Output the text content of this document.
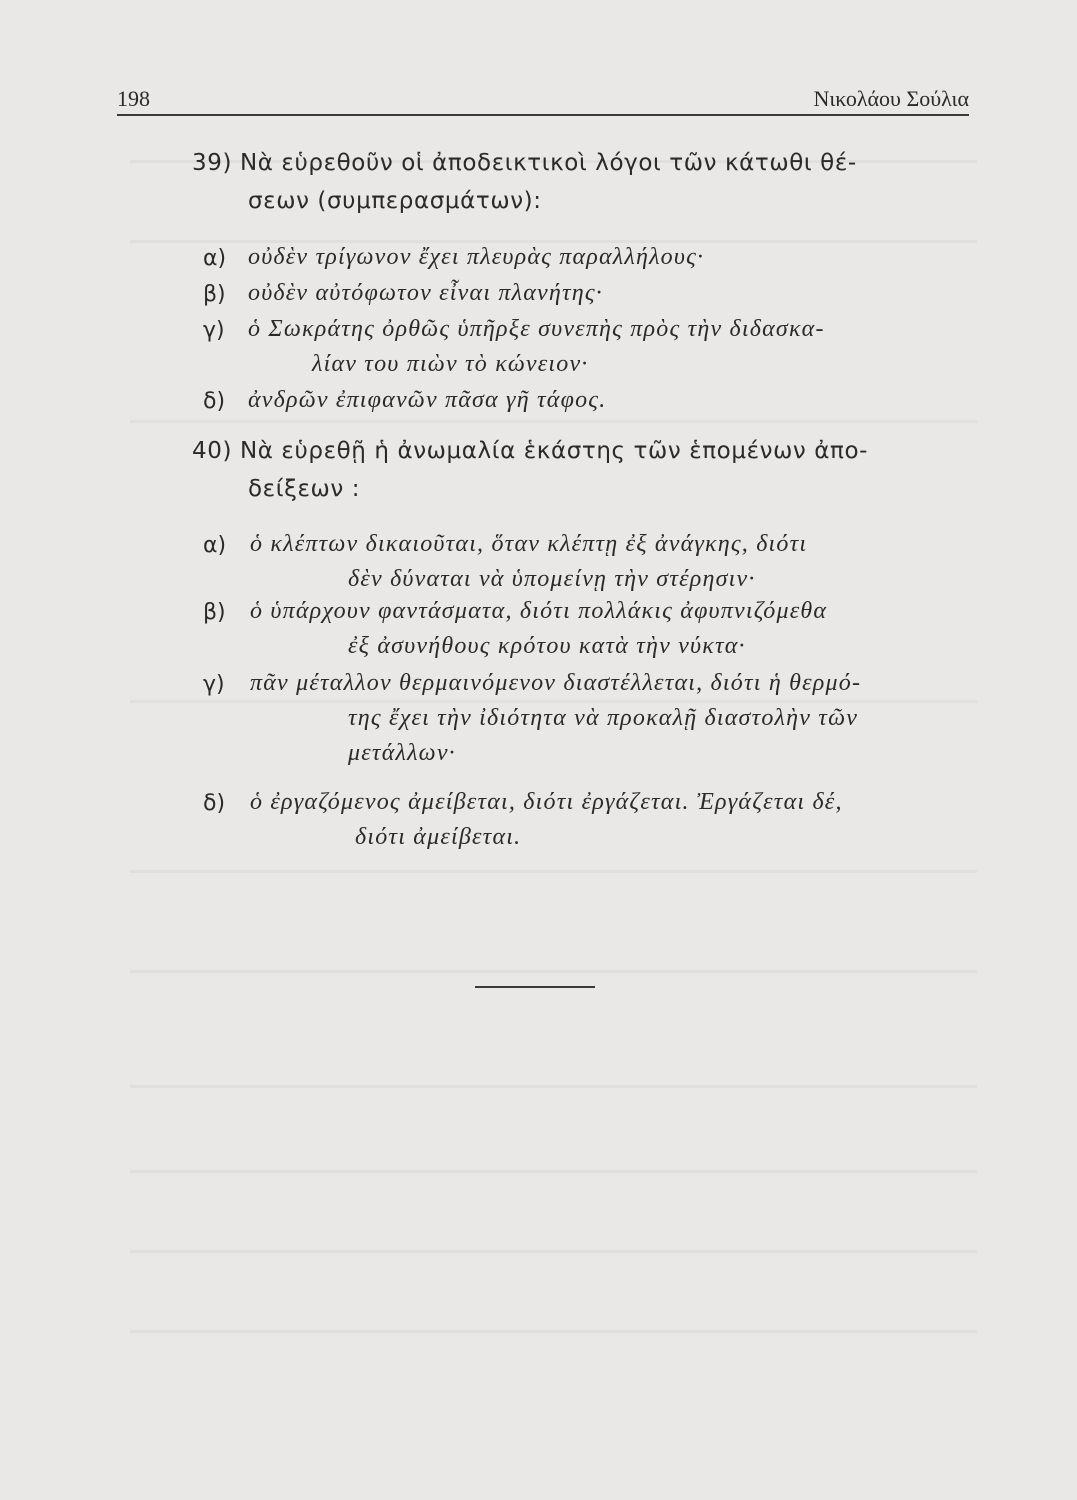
198	Νικολάου Σούλια
39) Νὰ εὑρεθοῦν οἱ ἀποδεικτικοὶ λόγοι τῶν κάτωθι θέ-
σεων (συμπερασμάτων):
α) οὐδὲν τρίγωνον ἔχει πλευρὰς παραλλήλους·
β) οὐδὲν αὐτόφωτον εἶναι πλανήτης·
γ) ὁ Σωκράτης ὀρθῶς ὑπῆρξε συνεπὴς πρὸς τὴν διδασκα-
λίαν του πιὼν τὸ κώνειον·
δ) ἀνδρῶν ἐπιφανῶν πᾶσα γῆ τάφος.
40) Νὰ εὑρεθῇ ἡ ἀνωμαλία ἑκάστης τῶν ἑπομένων ἀπο-
δείξεων :
α) ὁ κλέπτων δικαιοῦται, ὅταν κλέπτῃ ἐξ ἀνάγκης, διότι
δὲν δύναται νὰ ὑπομείνῃ τὴν στέρησιν·
β) ὁ ὑπάρχουν φαντάσματα, διότι πολλάκις ἀφυπνιζόμεθα
ἐξ ἀσυνήθους κρότου κατὰ τὴν νύκτα·
γ) πᾶν μέταλλον θερμαινόμενον διαστέλλεται, διότι ἡ θερμό-
της ἔχει τὴν ἰδιότητα νὰ προκαλῇ διαστολὴν τῶν
μετάλλων·
δ) ὁ ἐργαζόμενος ἀμείβεται, διότι ἐργάζεται. Ἐργάζεται δέ,
διότι ἀμείβεται.
